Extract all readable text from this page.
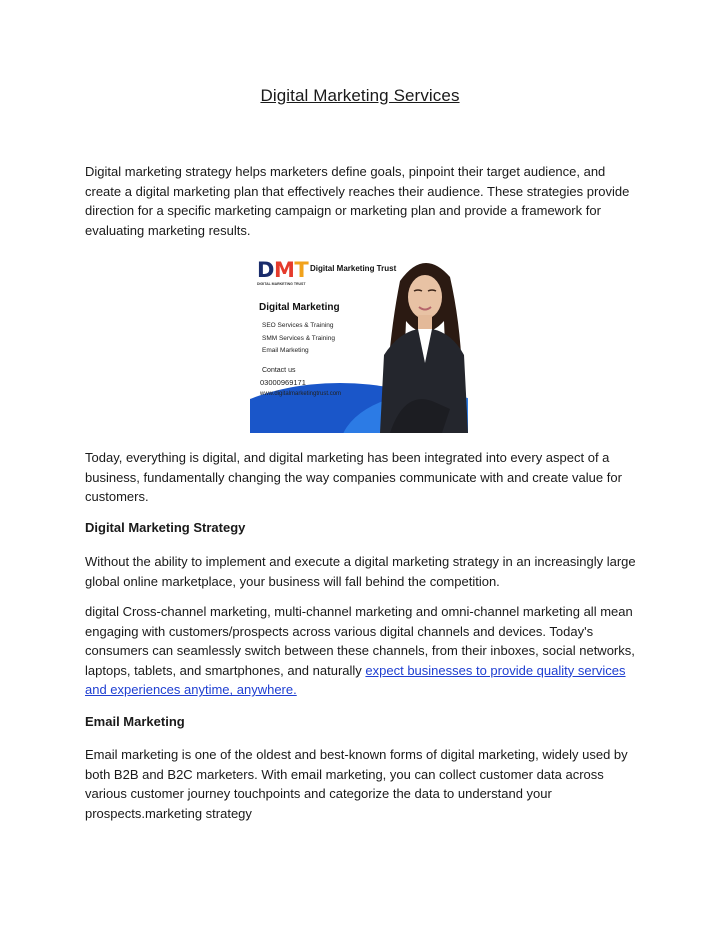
Digital Marketing Services

Digital marketing strategy helps marketers define goals, pinpoint their target audience, and create a digital marketing plan that effectively reaches their audience. These strategies provide direction for a specific marketing campaign or marketing plan and provide a framework for evaluating marketing results.

DMT
DIGITAL MARKETING TRUST
Digital Marketing Trust
Digital Marketing
SEO Services & Training
SMM Services & Training
Email Marketing
Contact us
03000969171
www.digitalmarketingtrust.com

Today, everything is digital, and digital marketing has been integrated into every aspect of a business, fundamentally changing the way companies communicate with and create value for customers.

Digital Marketing Strategy

Without the ability to implement and execute a digital marketing strategy in an increasingly large global online marketplace, your business will fall behind the competition.

digital Cross-channel marketing, multi-channel marketing and omni-channel marketing all mean engaging with customers/prospects across various digital channels and devices. Today's consumers can seamlessly switch between these channels, from their inboxes, social networks, laptops, tablets, and smartphones, and naturally expect businesses to provide quality services and experiences anytime, anywhere.

Email Marketing

Email marketing is one of the oldest and best-known forms of digital marketing, widely used by both B2B and B2C marketers. With email marketing, you can collect customer data across various customer journey touchpoints and categorize the data to understand your prospects.marketing strategy
